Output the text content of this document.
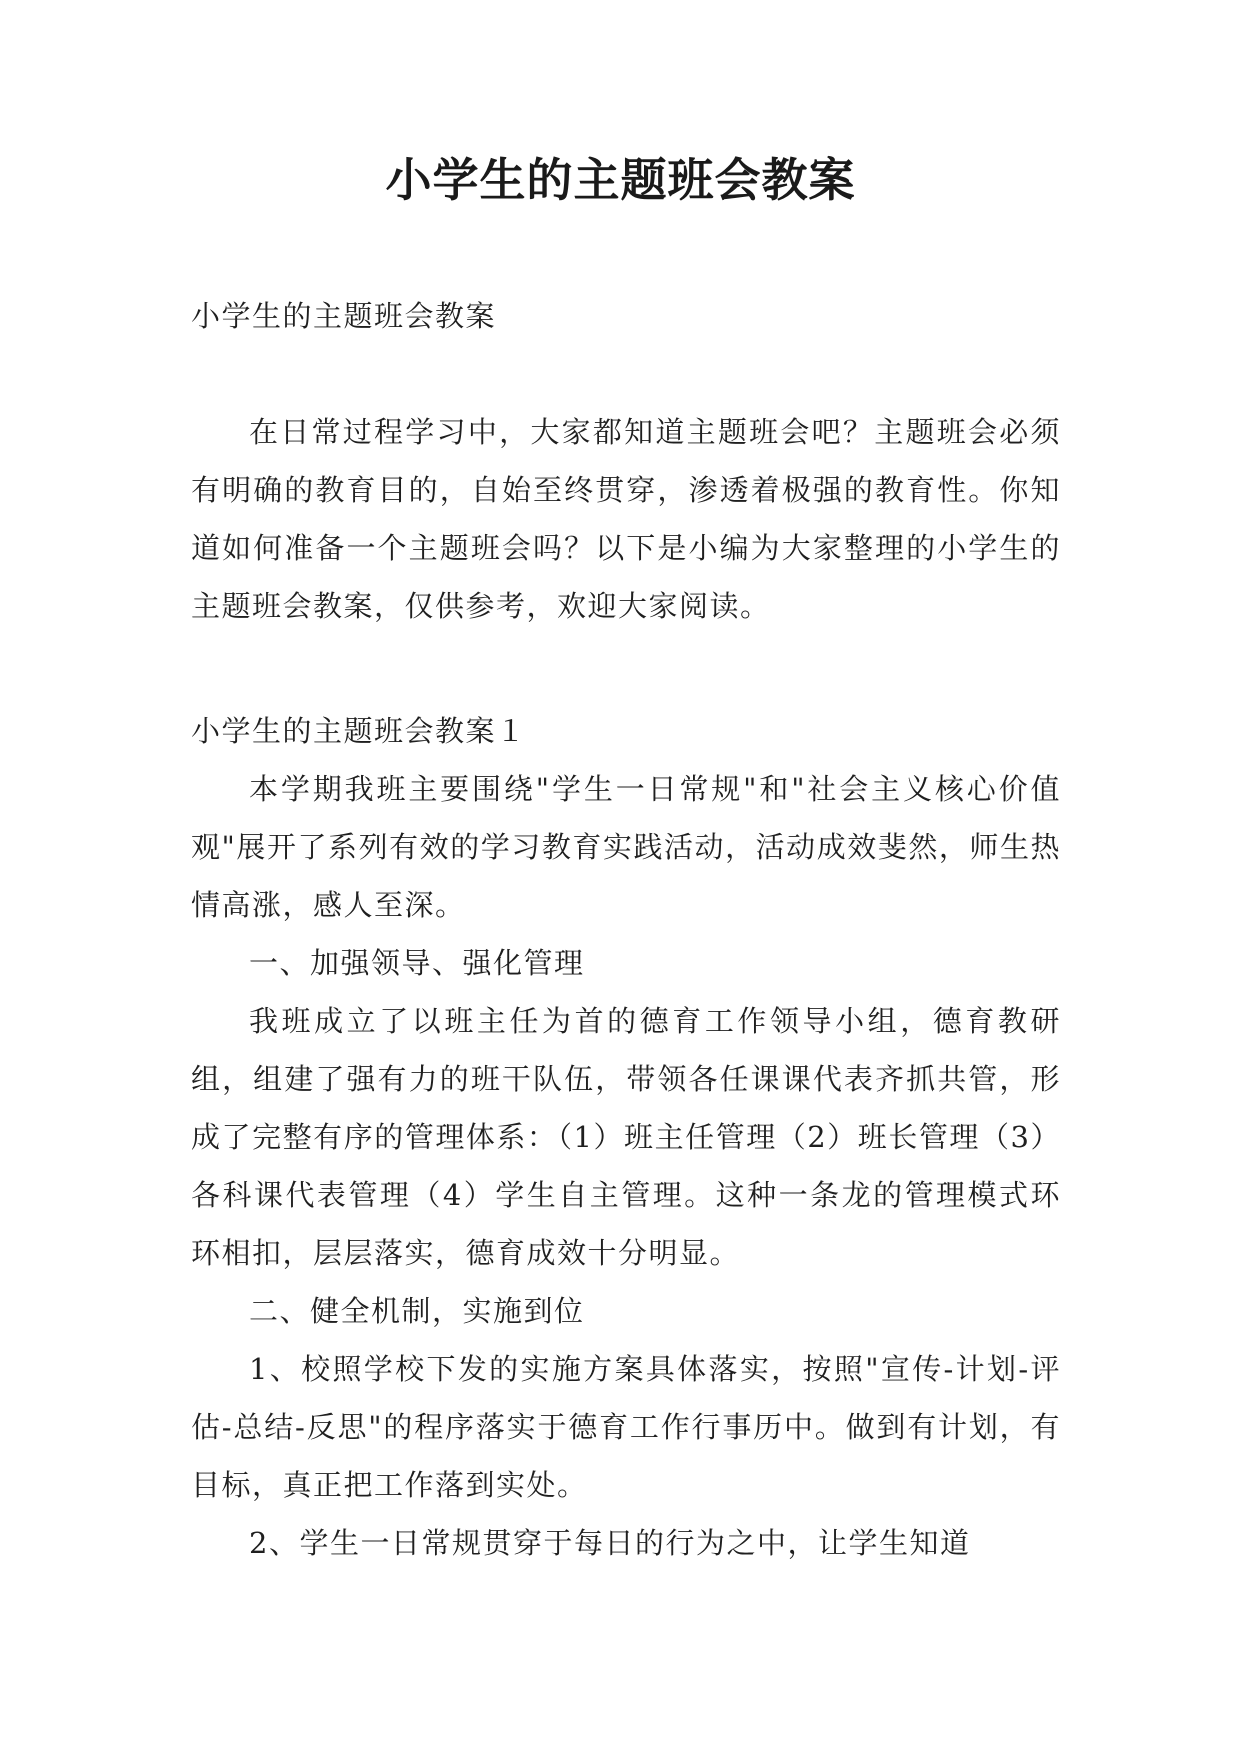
小学生的主题班会教案

小学生的主题班会教案

在日常过程学习中，大家都知道主题班会吧？主题班会必须有明确的教育目的，自始至终贯穿，渗透着极强的教育性。你知道如何准备一个主题班会吗？以下是小编为大家整理的小学生的主题班会教案，仅供参考，欢迎大家阅读。

小学生的主题班会教案１

本学期我班主要围绕"学生一日常规"和"社会主义核心价值观"展开了系列有效的学习教育实践活动，活动成效斐然，师生热情高涨，感人至深。

一、加强领导、强化管理

我班成立了以班主任为首的德育工作领导小组，德育教研组，组建了强有力的班干队伍，带领各任课课代表齐抓共管，形成了完整有序的管理体系：（1）班主任管理（2）班长管理（3）各科课代表管理（4）学生自主管理。这种一条龙的管理模式环环相扣，层层落实，德育成效十分明显。

二、健全机制，实施到位

1、校照学校下发的实施方案具体落实，按照"宣传-计划-评估-总结-反思"的程序落实于德育工作行事历中。做到有计划，有目标，真正把工作落到实处。

2、学生一日常规贯穿于每日的行为之中，让学生知道
